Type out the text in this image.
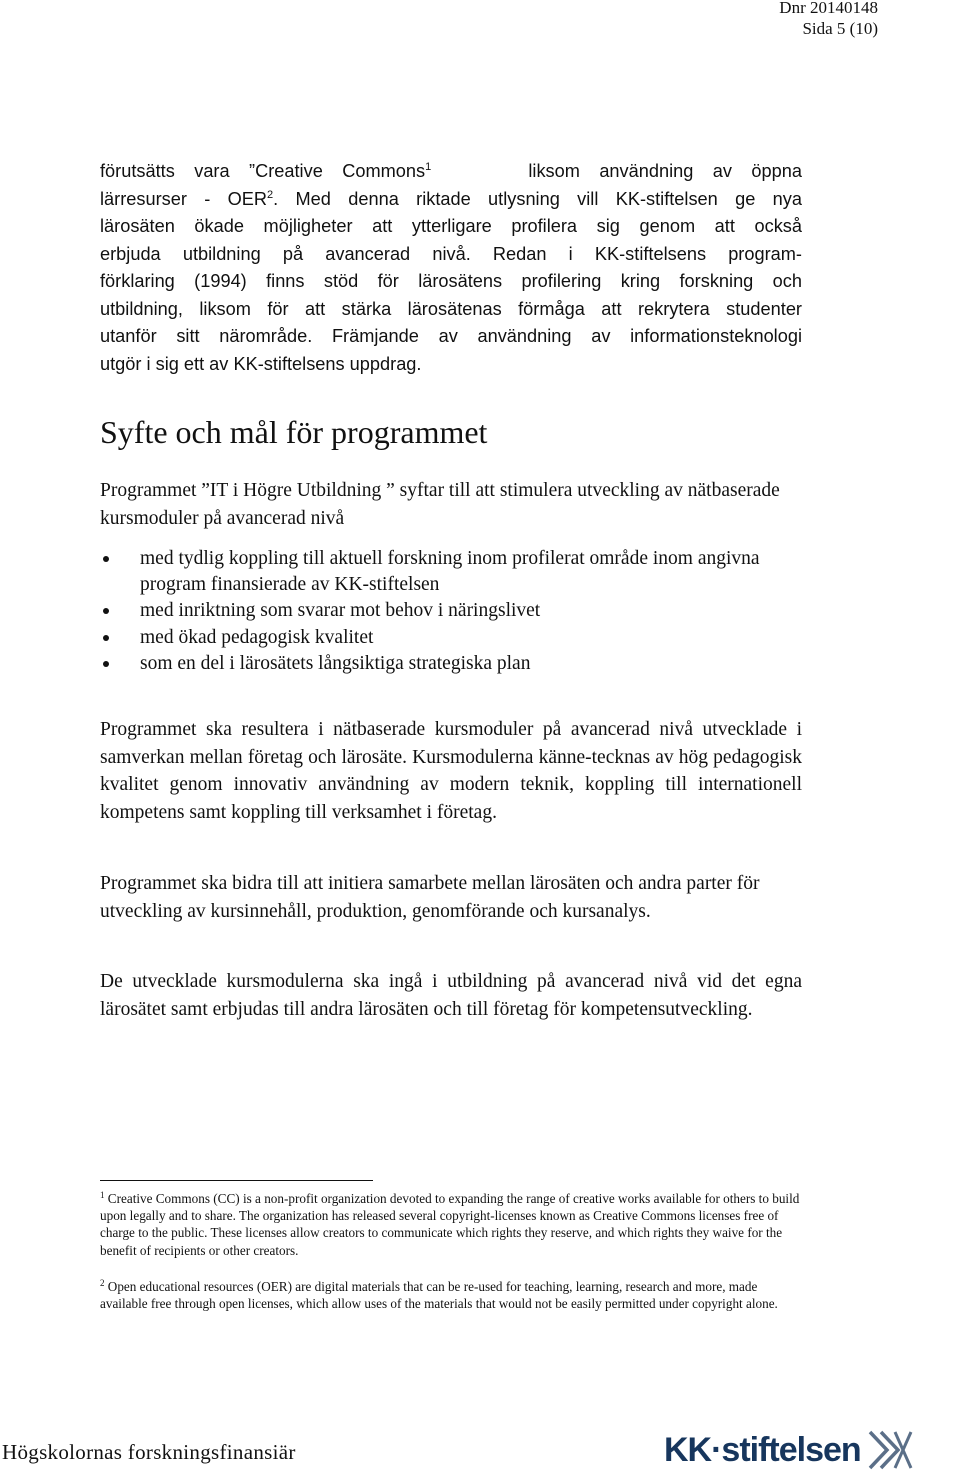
Dnr 20140148
Sida 5 (10)
förutsätts vara ”Creative Commons$^1$	liksom användning av öppna
lärresurser - OER$^2$. Med denna riktade utlysning vill KK-stiftelsen ge nya
lärosäten ökade möjligheter att ytterligare profilera sig genom att också
erbjuda utbildning på avancerad nivå. Redan i KK-stiftelsens program-
förklaring (1994) finns stöd för lärosätens profilering kring forskning och
utbildning, liksom för att stärka lärosätenas förmåga att rekrytera studenter
utanför sitt närområde. Främjande av användning av informationsteknologi
utgör i sig ett av KK-stiftelsens uppdrag.
Syfte och mål för programmet

Programmet ”IT i Högre Utbildning ” syftar till att stimulera utveckling av nätbaserade kursmoduler på avancerad nivå

med tydlig koppling till aktuell forskning inom profilerat område inom angivna program finansierade av KK-stiftelsen
med inriktning som svarar mot behov i näringslivet
med ökad pedagogisk kvalitet
som en del i lärosätets långsiktiga strategiska plan

Programmet ska resultera i nätbaserade kursmoduler på avancerad nivå utvecklade i samverkan mellan företag och lärosäte. Kursmodulerna känne-tecknas av hög pedagogisk kvalitet genom innovativ användning av modern teknik, koppling till internationell kompetens samt koppling till verksamhet i företag.

Programmet ska bidra till att initiera samarbete mellan lärosäten och andra parter för utveckling av kursinnehåll, produktion, genomförande och kursanalys.

De utvecklade kursmodulerna ska ingå i utbildning på avancerad nivå vid det egna lärosätet samt erbjudas till andra lärosäten och till företag för kompetensutveckling.

$^1$ Creative Commons (CC) is a non-profit organization devoted to expanding the range of creative works available for others to build upon legally and to share. The organization has released several copyright-licenses known as Creative Commons licenses free of charge to the public. These licenses allow creators to communicate which rights they reserve, and which rights they waive for the benefit of recipients or other creators.

$^2$ Open educational resources (OER) are digital materials that can be re-used for teaching, learning, research and more, made available free through open licenses, which allow uses of the materials that would not be easily permitted under copyright alone.

Högskolornas forskningsfinansiär	KK·stiftelsen
